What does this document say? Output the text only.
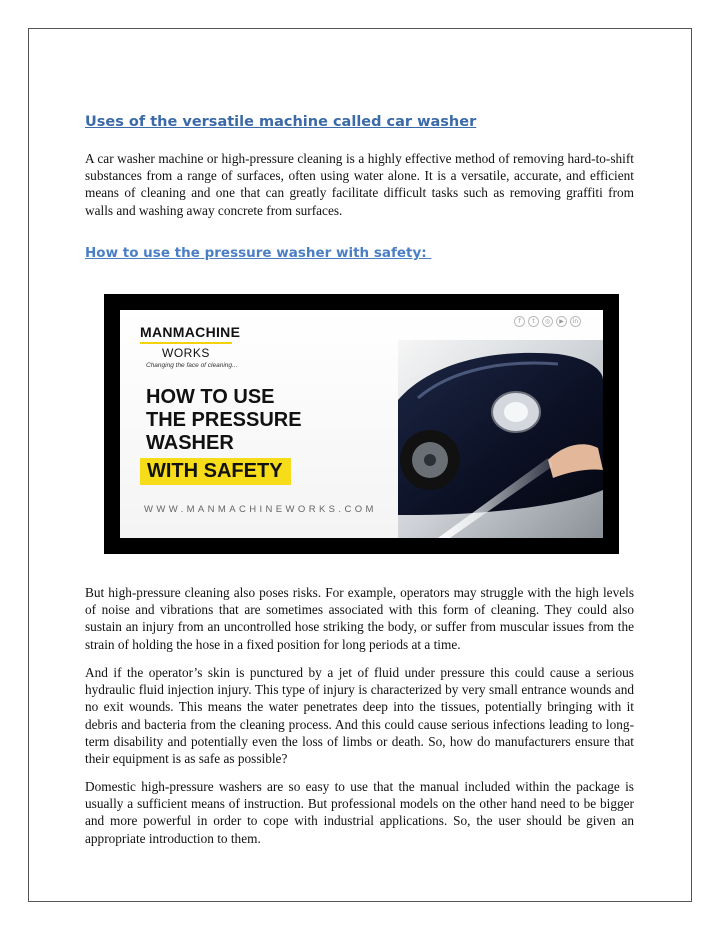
Uses of the versatile machine called car washer

A car washer machine or high-pressure cleaning is a highly effective method of removing hard-to-shift substances from a range of surfaces, often using water alone. It is a versatile, accurate, and efficient means of cleaning and one that can greatly facilitate difficult tasks such as removing graffiti from walls and washing away concrete from surfaces.

How to use the pressure washer with safety:
f	t	◎	▶	in
MANMACHINE
WORKS
Changing the face of cleaning...
HOW TO USE
THE PRESSURE
WASHER
WITH SAFETY
WWW.MANMACHINEWORKS.COM

But high-pressure cleaning also poses risks. For example, operators may struggle with the high levels of noise and vibrations that are sometimes associated with this form of cleaning. They could also sustain an injury from an uncontrolled hose striking the body, or suffer from muscular issues from the strain of holding the hose in a fixed position for long periods at a time.

And if the operator’s skin is punctured by a jet of fluid under pressure this could cause a serious hydraulic fluid injection injury. This type of injury is characterized by very small entrance wounds and no exit wounds. This means the water penetrates deep into the tissues, potentially bringing with it debris and bacteria from the cleaning process. And this could cause serious infections leading to long-term disability and potentially even the loss of limbs or death. So, how do manufacturers ensure that their equipment is as safe as possible?

Domestic high-pressure washers are so easy to use that the manual included within the package is usually a sufficient means of instruction. But professional models on the other hand need to be bigger and more powerful in order to cope with industrial applications. So, the user should be given an appropriate introduction to them.
